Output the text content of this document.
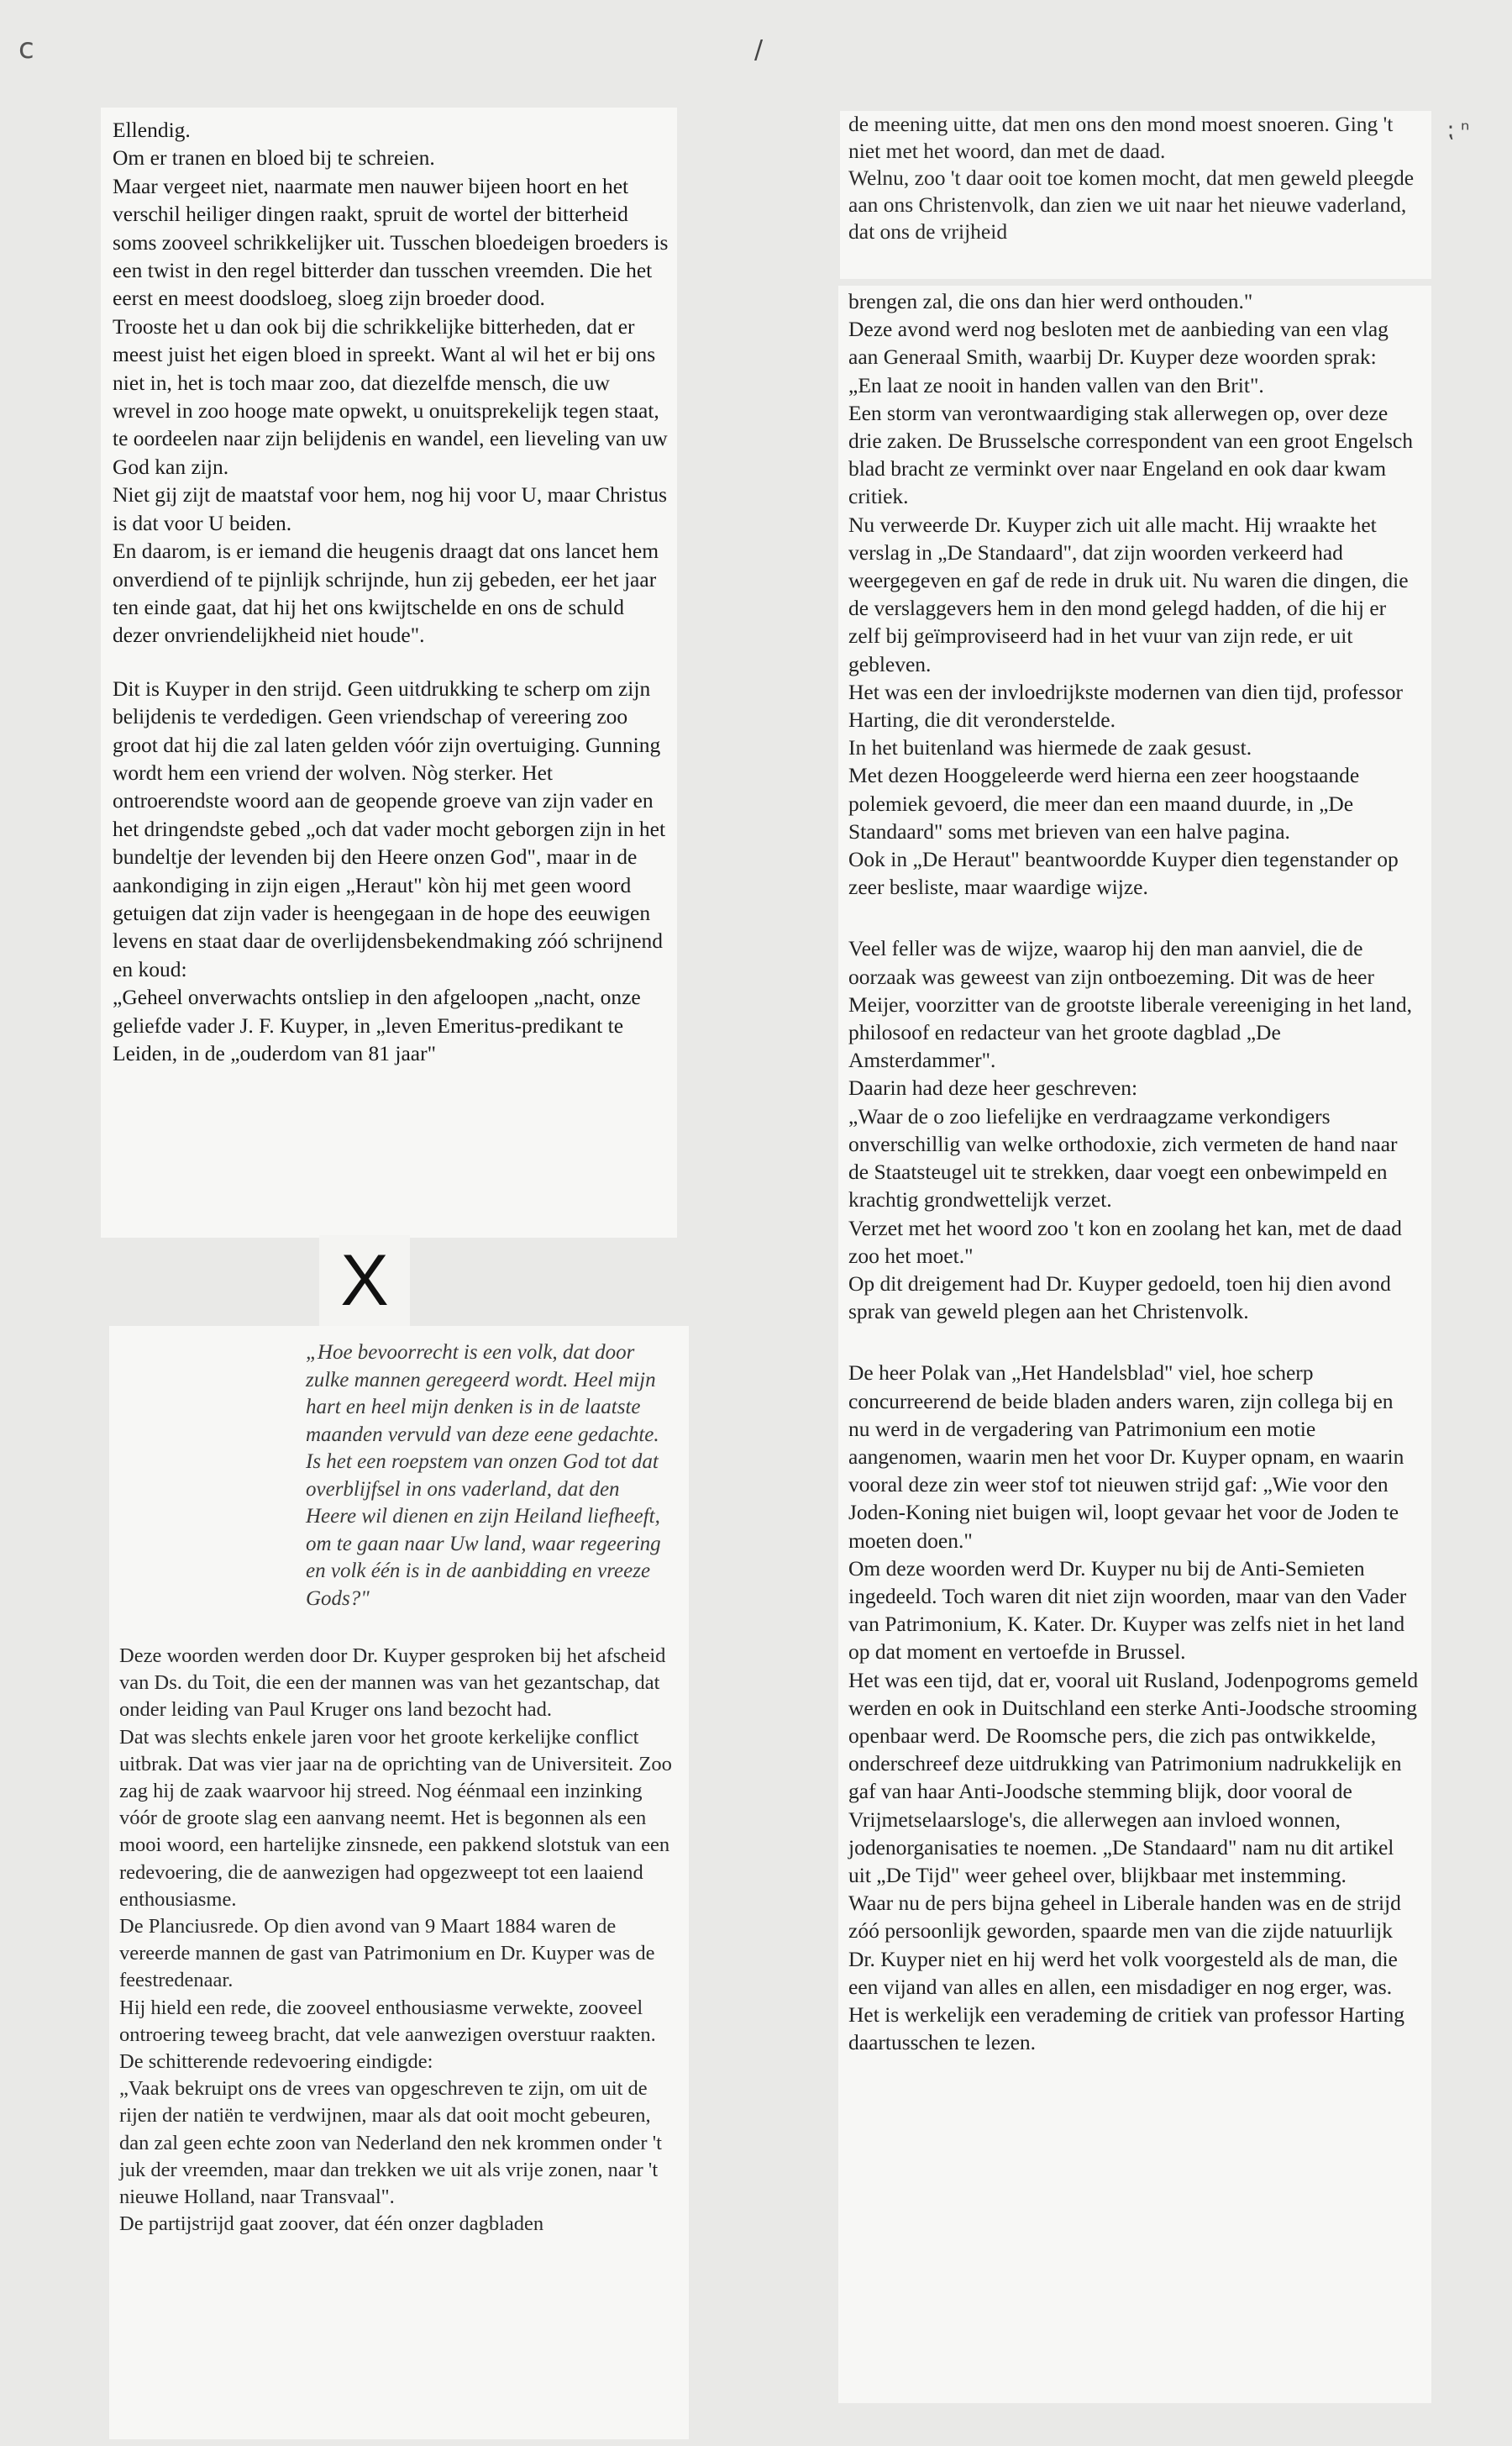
ⅽ	/
⁏ ⁿ

Ellendig.

Om er tranen en bloed bij te schreien.

Maar vergeet niet, naarmate men nauwer bijeen hoort en het verschil heiliger dingen raakt, spruit de wortel der bitterheid soms zooveel schrikkelijker uit. Tusschen bloedeigen broeders is een twist in den regel bitterder dan tusschen vreemden. Die het eerst en meest doodsloeg, sloeg zijn broeder dood.

Trooste het u dan ook bij die schrikkelijke bitterheden, dat er meest juist het eigen bloed in spreekt. Want al wil het er bij ons niet in, het is toch maar zoo, dat diezelfde mensch, die uw wrevel in zoo hooge mate opwekt, u onuitsprekelijk tegen staat, te oordeelen naar zijn belijdenis en wandel, een lieveling van uw God kan zijn.

Niet gij zijt de maatstaf voor hem, nog hij voor U, maar Christus is dat voor U beiden.

En daarom, is er iemand die heugenis draagt dat ons lancet hem onverdiend of te pijnlijk schrijnde, hun zij gebeden, eer het jaar ten einde gaat, dat hij het ons kwijtschelde en ons de schuld dezer onvriendelijkheid niet houde".

Dit is Kuyper in den strijd. Geen uitdrukking te scherp om zijn belijdenis te verdedigen. Geen vriendschap of vereering zoo groot dat hij die zal laten gelden vóór zijn overtuiging. Gunning wordt hem een vriend der wolven. Nòg sterker. Het ontroerendste woord aan de geopende groeve van zijn vader en het dringendste gebed „och dat vader mocht geborgen zijn in het bundeltje der levenden bij den Heere onzen God", maar in de aankondiging in zijn eigen „Heraut" kòn hij met geen woord getuigen dat zijn vader is heengegaan in de hope des eeuwigen levens en staat daar de overlijdensbekendmaking zóó schrijnend en koud:

„Geheel onverwachts ontsliep in den afgeloopen „nacht, onze geliefde vader J. F. Kuyper, in „leven Emeritus-predikant te Leiden, in de „ouderdom van 81 jaar"

X

„Hoe bevoorrecht is een volk, dat door zulke mannen geregeerd wordt. Heel mijn hart en heel mijn denken is in de laatste maanden vervuld van deze eene gedachte. Is het een roepstem van onzen God tot dat overblijfsel in ons vaderland, dat den Heere wil dienen en zijn Heiland liefheeft, om te gaan naar Uw land, waar regeering en volk één is in de aanbidding en vreeze Gods?"

Deze woorden werden door Dr. Kuyper gesproken bij het afscheid van Ds. du Toit, die een der mannen was van het gezantschap, dat onder leiding van Paul Kruger ons land bezocht had.

Dat was slechts enkele jaren voor het groote kerkelijke conflict uitbrak. Dat was vier jaar na de oprichting van de Universiteit. Zoo zag hij de zaak waarvoor hij streed. Nog éénmaal een inzinking vóór de groote slag een aanvang neemt. Het is begonnen als een mooi woord, een hartelijke zinsnede, een pakkend slotstuk van een redevoering, die de aanwezigen had opgezweept tot een laaiend enthousiasme.

De Planciusrede. Op dien avond van 9 Maart 1884 waren de vereerde mannen de gast van Patrimonium en Dr. Kuyper was de feestredenaar.

Hij hield een rede, die zooveel enthousiasme verwekte, zooveel ontroering teweeg bracht, dat vele aanwezigen overstuur raakten.

De schitterende redevoering eindigde:

„Vaak bekruipt ons de vrees van opgeschreven te zijn, om uit de rijen der natiën te verdwijnen, maar als dat ooit mocht gebeuren, dan zal geen echte zoon van Nederland den nek krommen onder 't juk der vreemden, maar dan trekken we uit als vrije zonen, naar 't nieuwe Holland, naar Transvaal".

De partijstrijd gaat zoover, dat één onzer dagbladen

de meening uitte, dat men ons den mond moest snoeren. Ging 't niet met het woord, dan met de daad.

Welnu, zoo 't daar ooit toe komen mocht, dat men geweld pleegde aan ons Christenvolk, dan zien we uit naar het nieuwe vaderland, dat ons de vrijheid

brengen zal, die ons dan hier werd onthouden."

Deze avond werd nog besloten met de aanbieding van een vlag aan Generaal Smith, waarbij Dr. Kuyper deze woorden sprak:

„En laat ze nooit in handen vallen van den Brit".

Een storm van verontwaardiging stak allerwegen op, over deze drie zaken. De Brusselsche correspondent van een groot Engelsch blad bracht ze verminkt over naar Engeland en ook daar kwam critiek.

Nu verweerde Dr. Kuyper zich uit alle macht. Hij wraakte het verslag in „De Standaard", dat zijn woorden verkeerd had weergegeven en gaf de rede in druk uit. Nu waren die dingen, die de verslaggevers hem in den mond gelegd hadden, of die hij er zelf bij geïmproviseerd had in het vuur van zijn rede, er uit gebleven.

Het was een der invloedrijkste modernen van dien tijd, professor Harting, die dit veronderstelde.

In het buitenland was hiermede de zaak gesust.

Met dezen Hooggeleerde werd hierna een zeer hoogstaande polemiek gevoerd, die meer dan een maand duurde, in „De Standaard" soms met brieven van een halve pagina.

Ook in „De Heraut" beantwoordde Kuyper dien tegenstander op zeer besliste, maar waardige wijze.

Veel feller was de wijze, waarop hij den man aanviel, die de oorzaak was geweest van zijn ontboezeming. Dit was de heer Meijer, voorzitter van de grootste liberale vereeniging in het land, philosoof en redacteur van het groote dagblad „De Amsterdammer".

Daarin had deze heer geschreven:

„Waar de o zoo liefelijke en verdraagzame verkondigers onverschillig van welke orthodoxie, zich vermeten de hand naar de Staatsteugel uit te strekken, daar voegt een onbewimpeld en krachtig grondwettelijk verzet.

Verzet met het woord zoo 't kon en zoolang het kan, met de daad zoo het moet."

Op dit dreigement had Dr. Kuyper gedoeld, toen hij dien avond sprak van geweld plegen aan het Christenvolk.

De heer Polak van „Het Handelsblad" viel, hoe scherp concurreerend de beide bladen anders waren, zijn collega bij en nu werd in de vergadering van Patrimonium een motie aangenomen, waarin men het voor Dr. Kuyper opnam, en waarin vooral deze zin weer stof tot nieuwen strijd gaf: „Wie voor den Joden-Koning niet buigen wil, loopt gevaar het voor de Joden te moeten doen."

Om deze woorden werd Dr. Kuyper nu bij de Anti-Semieten ingedeeld. Toch waren dit niet zijn woorden, maar van den Vader van Patrimonium, K. Kater. Dr. Kuyper was zelfs niet in het land op dat moment en vertoefde in Brussel.

Het was een tijd, dat er, vooral uit Rusland, Jodenpogroms gemeld werden en ook in Duitschland een sterke Anti-Joodsche strooming openbaar werd. De Roomsche pers, die zich pas ontwikkelde, onderschreef deze uitdrukking van Patrimonium nadrukkelijk en gaf van haar Anti-Joodsche stemming blijk, door vooral de Vrijmetselaarsloge's, die allerwegen aan invloed wonnen, jodenorganisaties te noemen. „De Standaard" nam nu dit artikel uit „De Tijd" weer geheel over, blijkbaar met instemming.

Waar nu de pers bijna geheel in Liberale handen was en de strijd zóó persoonlijk geworden, spaarde men van die zijde natuurlijk Dr. Kuyper niet en hij werd het volk voorgesteld als de man, die een vijand van alles en allen, een misdadiger en nog erger, was. Het is werkelijk een verademing de critiek van professor Harting daartusschen te lezen.
